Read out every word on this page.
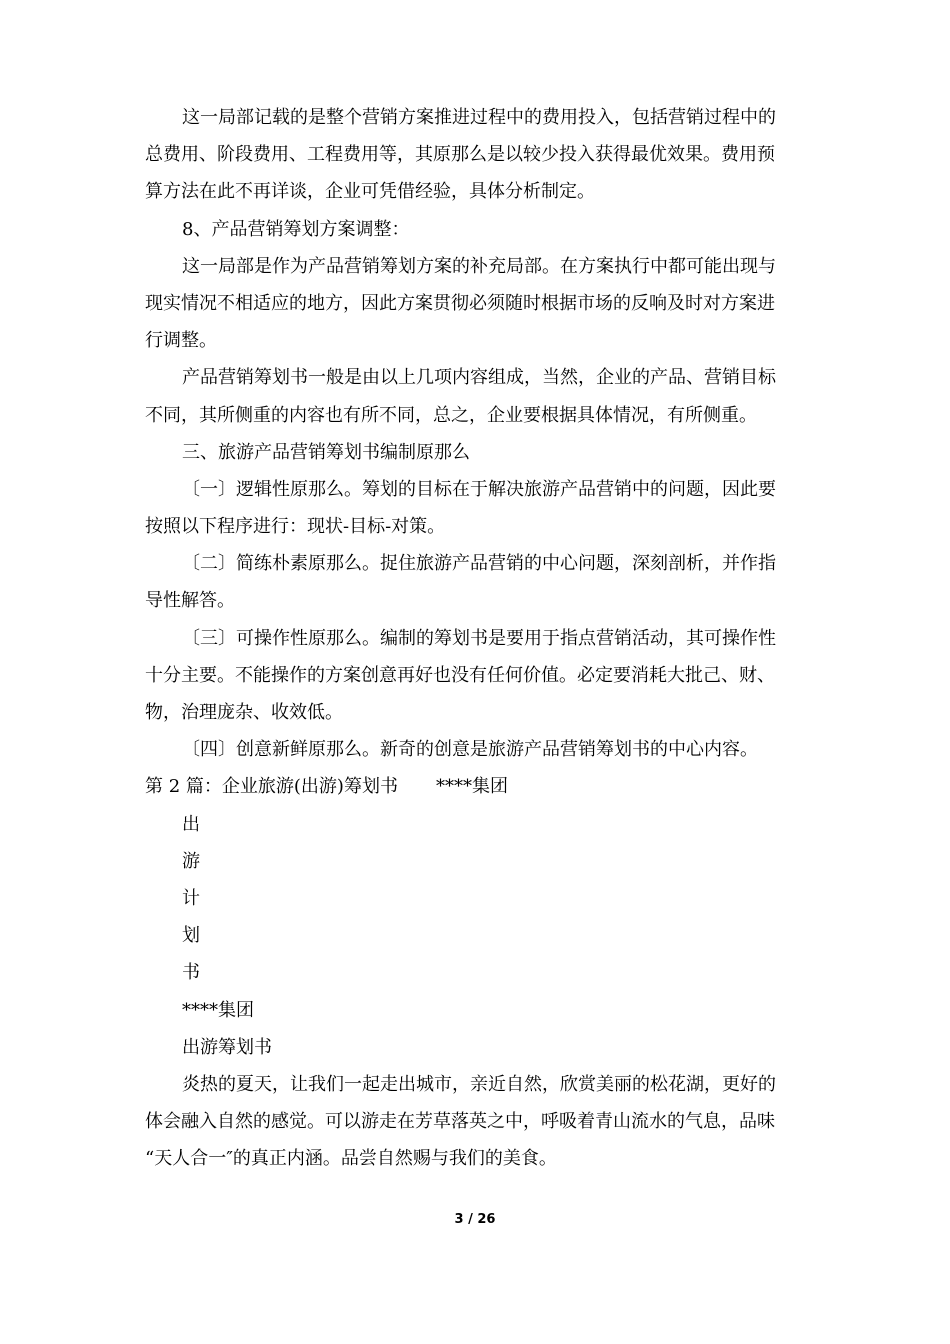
这一局部记载的是整个营销方案推进过程中的费用投入，包括营销过程中的
总费用、阶段费用、工程费用等，其原那么是以较少投入获得最优效果。费用预
算方法在此不再详谈，企业可凭借经验，具体分析制定。
8、产品营销筹划方案调整：
这一局部是作为产品营销筹划方案的补充局部。在方案执行中都可能出现与
现实情况不相适应的地方，因此方案贯彻必须随时根据市场的反响及时对方案进
行调整。
产品营销筹划书一般是由以上几项内容组成，当然，企业的产品、营销目标
不同，其所侧重的内容也有所不同，总之，企业要根据具体情况，有所侧重。
三、旅游产品营销筹划书编制原那么
〔一〕逻辑性原那么。筹划的目标在于解决旅游产品营销中的问题，因此要
按照以下程序进行：现状-目标-对策。
〔二〕简练朴素原那么。捉住旅游产品营销的中心问题，深刻剖析，并作指
导性解答。
〔三〕可操作性原那么。编制的筹划书是要用于指点营销活动，其可操作性
十分主要。不能操作的方案创意再好也没有任何价值。必定要消耗大批己、财、
物，治理庞杂、收效低。
〔四〕创意新鲜原那么。新奇的创意是旅游产品营销筹划书的中心内容。
第 2 篇：企业旅游(出游)筹划书 ****集团
出
游
计
划
书
****集团
出游筹划书
炎热的夏天，让我们一起走出城市，亲近自然，欣赏美丽的松花湖，更好的
体会融入自然的感觉。可以游走在芳草落英之中，呼吸着青山流水的气息，品味
“天人合一″的真正内涵。品尝自然赐与我们的美食。
3 / 26
